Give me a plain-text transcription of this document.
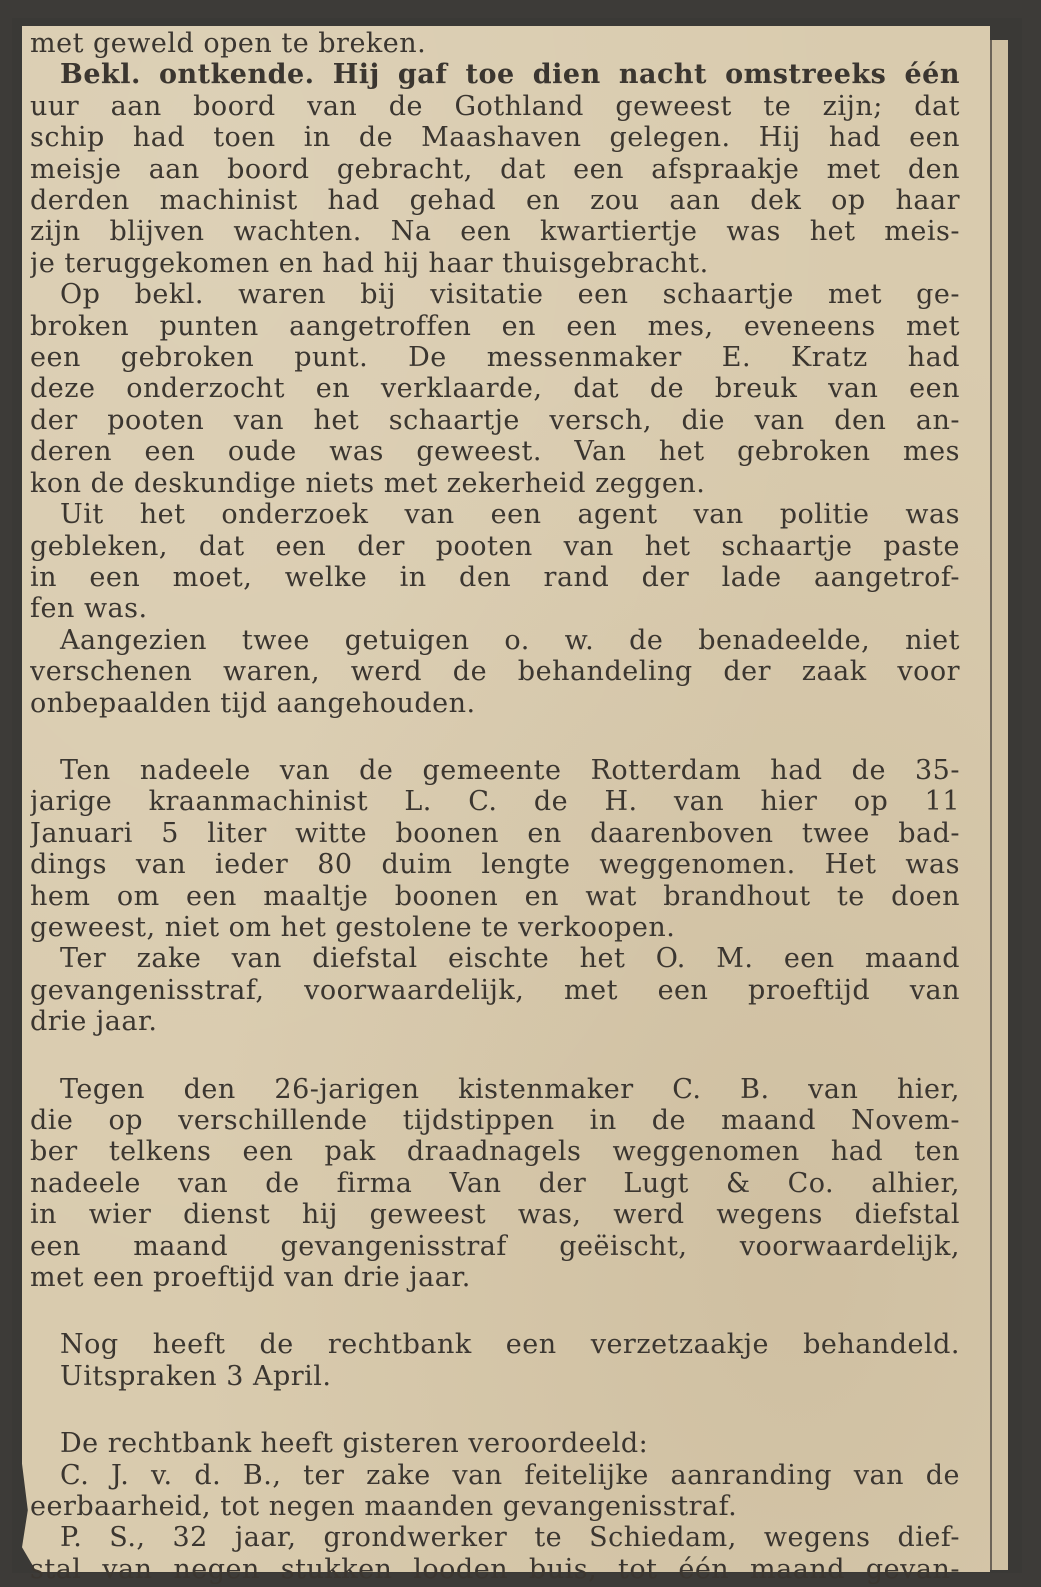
met geweld open te breken.
Bekl. ontkende. Hij gaf toe dien nacht omstreeks één
uur aan boord van de Gothland geweest te zijn; dat
schip had toen in de Maashaven gelegen. Hij had een
meisje aan boord gebracht, dat een afspraakje met den
derden machinist had gehad en zou aan dek op haar
zijn blijven wachten. Na een kwartiertje was het meis-
je teruggekomen en had hij haar thuisgebracht.
Op bekl. waren bij visitatie een schaartje met ge-
broken punten aangetroffen en een mes, eveneens met
een gebroken punt. De messenmaker E. Kratz had
deze onderzocht en verklaarde, dat de breuk van een
der pooten van het schaartje versch, die van den an-
deren een oude was geweest. Van het gebroken mes
kon de deskundige niets met zekerheid zeggen.
Uit het onderzoek van een agent van politie was
gebleken, dat een der pooten van het schaartje paste
in een moet, welke in den rand der lade aangetrof-
fen was.
Aangezien twee getuigen o. w. de benadeelde, niet
verschenen waren, werd de behandeling der zaak voor
onbepaalden tijd aangehouden.
Ten nadeele van de gemeente Rotterdam had de 35-
jarige kraanmachinist L. C. de H. van hier op 11
Januari 5 liter witte boonen en daarenboven twee bad-
dings van ieder 80 duim lengte weggenomen. Het was
hem om een maaltje boonen en wat brandhout te doen
geweest, niet om het gestolene te verkoopen.
Ter zake van diefstal eischte het O. M. een maand
gevangenisstraf, voorwaardelijk, met een proeftijd van
drie jaar.
Tegen den 26-jarigen kistenmaker C. B. van hier,
die op verschillende tijdstippen in de maand Novem-
ber telkens een pak draadnagels weggenomen had ten
nadeele van de firma Van der Lugt & Co. alhier,
in wier dienst hij geweest was, werd wegens diefstal
een maand gevangenisstraf geëischt, voorwaardelijk,
met een proeftijd van drie jaar.
Nog heeft de rechtbank een verzetzaakje behandeld.
Uitspraken 3 April.
De rechtbank heeft gisteren veroordeeld:
C. J. v. d. B., ter zake van feitelijke aanranding van de
eerbaarheid, tot negen maanden gevangenisstraf.
P. S., 32 jaar, grondwerker te Schiedam, wegens dief-
stal van negen stukken looden buis, tot één maand gevan-
